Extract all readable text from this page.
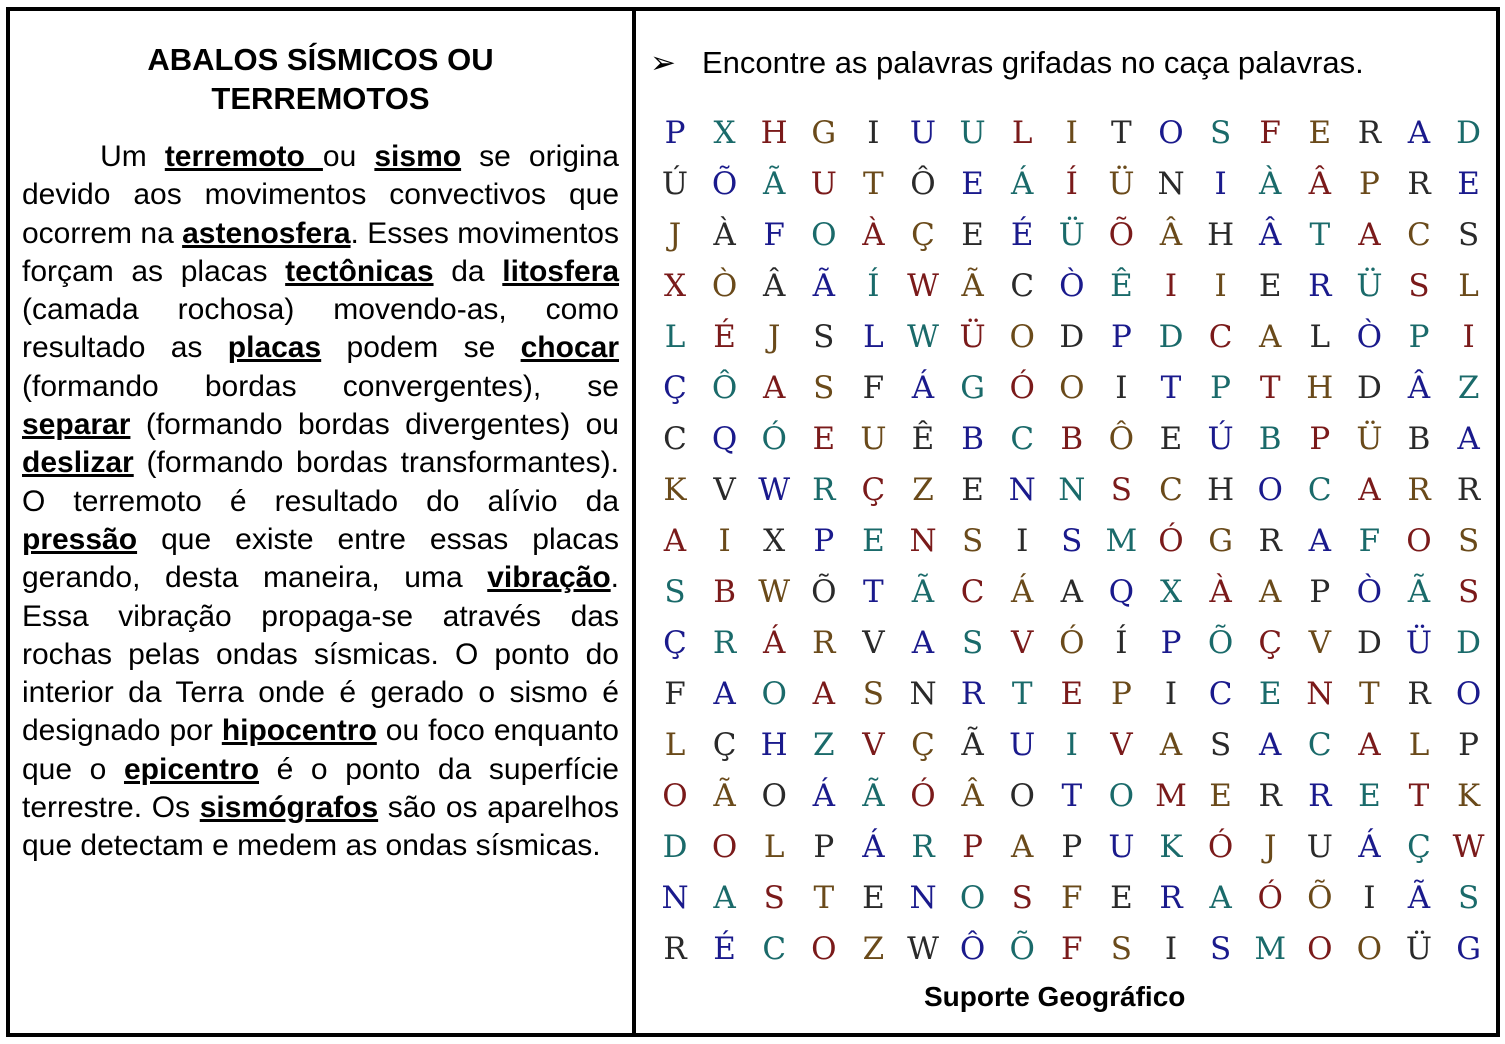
ABALOS SÍSMICOS OU
TERREMOTOS

   Um terremoto ou sismo se origina devido aos movimentos convectivos que ocorrem na astenosfera. Esses movimentos forçam as placas tectônicas da litosfera (camada rochosa) movendo-as, como resultado as placas podem se chocar (formando bordas convergentes), se separar (formando bordas divergentes) ou deslizar (formando bordas transformantes). O terremoto é resultado do alívio da pressão que existe entre essas placas gerando, desta maneira, uma vibração. Essa vibração propaga-se através das rochas pelas ondas sísmicas. O ponto do interior da Terra onde é gerado o sismo é designado por hipocentro ou foco enquanto que o epicentro é o ponto da superfície terrestre. Os sismógrafos são os aparelhos que detectam e medem as ondas sísmicas.

➢ Encontre as palavras grifadas no caça palavras.
P X H G	I U U L	I	T O S F E R A D
Ú Õ Ã U T Ô E Á	Í Ü N I	À Â P R E
J	À F O À Ç E É Ü Õ Â H Â T A C S
X Ò Â Ã	Í W Ã C Ò Ê	I	I	E R Ü S L
L É	J	S L W Ü O D P D C A L Ò P	I
Ç Ô A S F Á G Ó O I	T P T H D Â Z
C Q Ó E U Ê B C B Ô E Ú B P Ü B A
K V W R Ç Z E N N S C H O C A R R
A	I	X P E N S	I	S M Ó G R A F O S
S B W Õ T Ã C Á A Q X À A P Ò Ã S
Ç R Á R V A S V Ó Í	P Õ Ç V D Ü D
F A O A S N R T E P	I	C E N T R O
L Ç H Z V Ç Ã U I	V A S A C A L P
O Ã O Á Ã Ó Â O T O M E R R E T K
D O L P Á R P A P U K Ó J U Á Ç W
N A S T E N O S F E R A Ó Õ I	Ã S
R É C O Z W Ô Õ F S	I	S M O O Ü G
Suporte Geográfico
